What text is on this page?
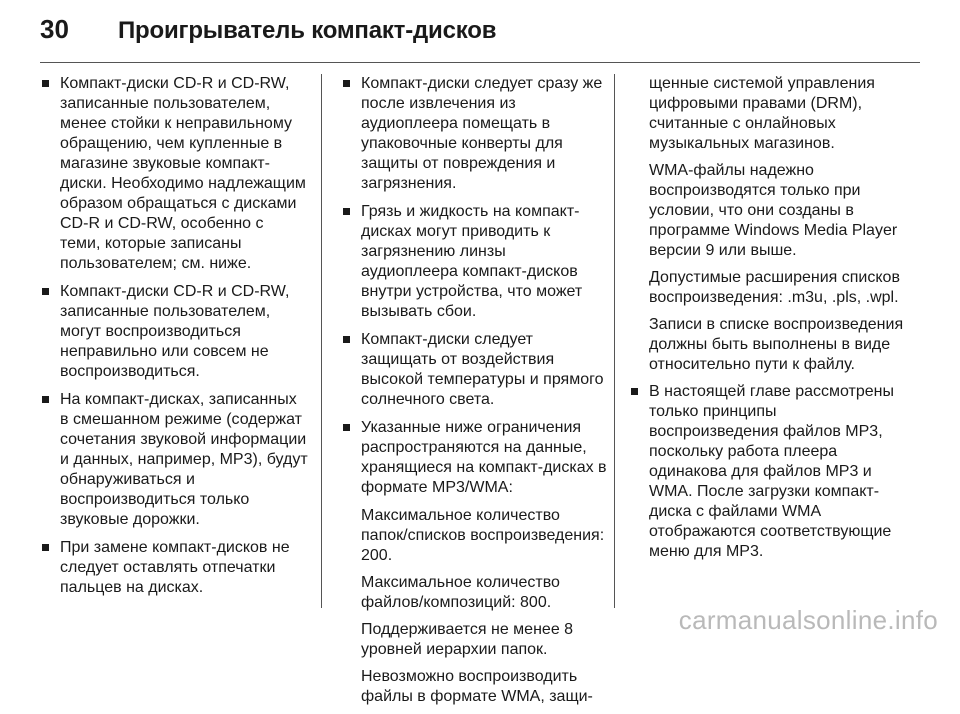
30	Проигрыватель компакт-дисков
Компакт-диски CD-R и CD-RW, записанные пользователем, менее стойки к неправильному обращению, чем купленные в магазине звуковые компакт-диски. Необходимо надлежащим образом обращаться с дисками CD-R и CD-RW, особенно с теми, которые записаны пользователем; см. ниже.
Компакт-диски CD-R и CD-RW, записанные пользователем, могут воспроизводиться неправильно или совсем не воспроизводиться.
На компакт-дисках, записанных в смешанном режиме (содержат сочетания звуковой информации и данных, например, MP3), будут обнаруживаться и воспроизводиться только звуковые дорожки.
При замене компакт-дисков не следует оставлять отпечатки пальцев на дисках.
Компакт-диски следует сразу же после извлечения из аудиоплеера помещать в упаковочные конверты для защиты от повреждения и загрязнения.
Грязь и жидкость на компакт-дисках могут приводить к загрязнению линзы аудиоплеера компакт-дисков внутри устройства, что может вызывать сбои.
Компакт-диски следует защищать от воздействия высокой температуры и прямого солнечного света.
Указанные ниже ограничения распространяются на данные, хранящиеся на компакт-дисках в формате MP3/WMA:

Максимальное количество папок/списков воспроизведения: 200.

Максимальное количество файлов/композиций: 800.

Поддерживается не менее 8 уровней иерархии папок.

Невозможно воспроизводить файлы в формате WMA, защи-

щенные системой управления цифровыми правами (DRM), считанные с онлайновых музыкальных магазинов.

WMA-файлы надежно воспроизводятся только при условии, что они созданы в программе Windows Media Player версии 9 или выше.

Допустимые расширения списков воспроизведения: .m3u, .pls, .wpl.

Записи в списке воспроизведения должны быть выполнены в виде относительно пути к файлу.

В настоящей главе рассмотрены только принципы воспроизведения файлов MP3, поскольку работа плеера одинакова для файлов MP3 и WMA. После загрузки компакт-диска с файлами WMA отображаются соответствующие меню для MP3.
carmanualsonline.info
